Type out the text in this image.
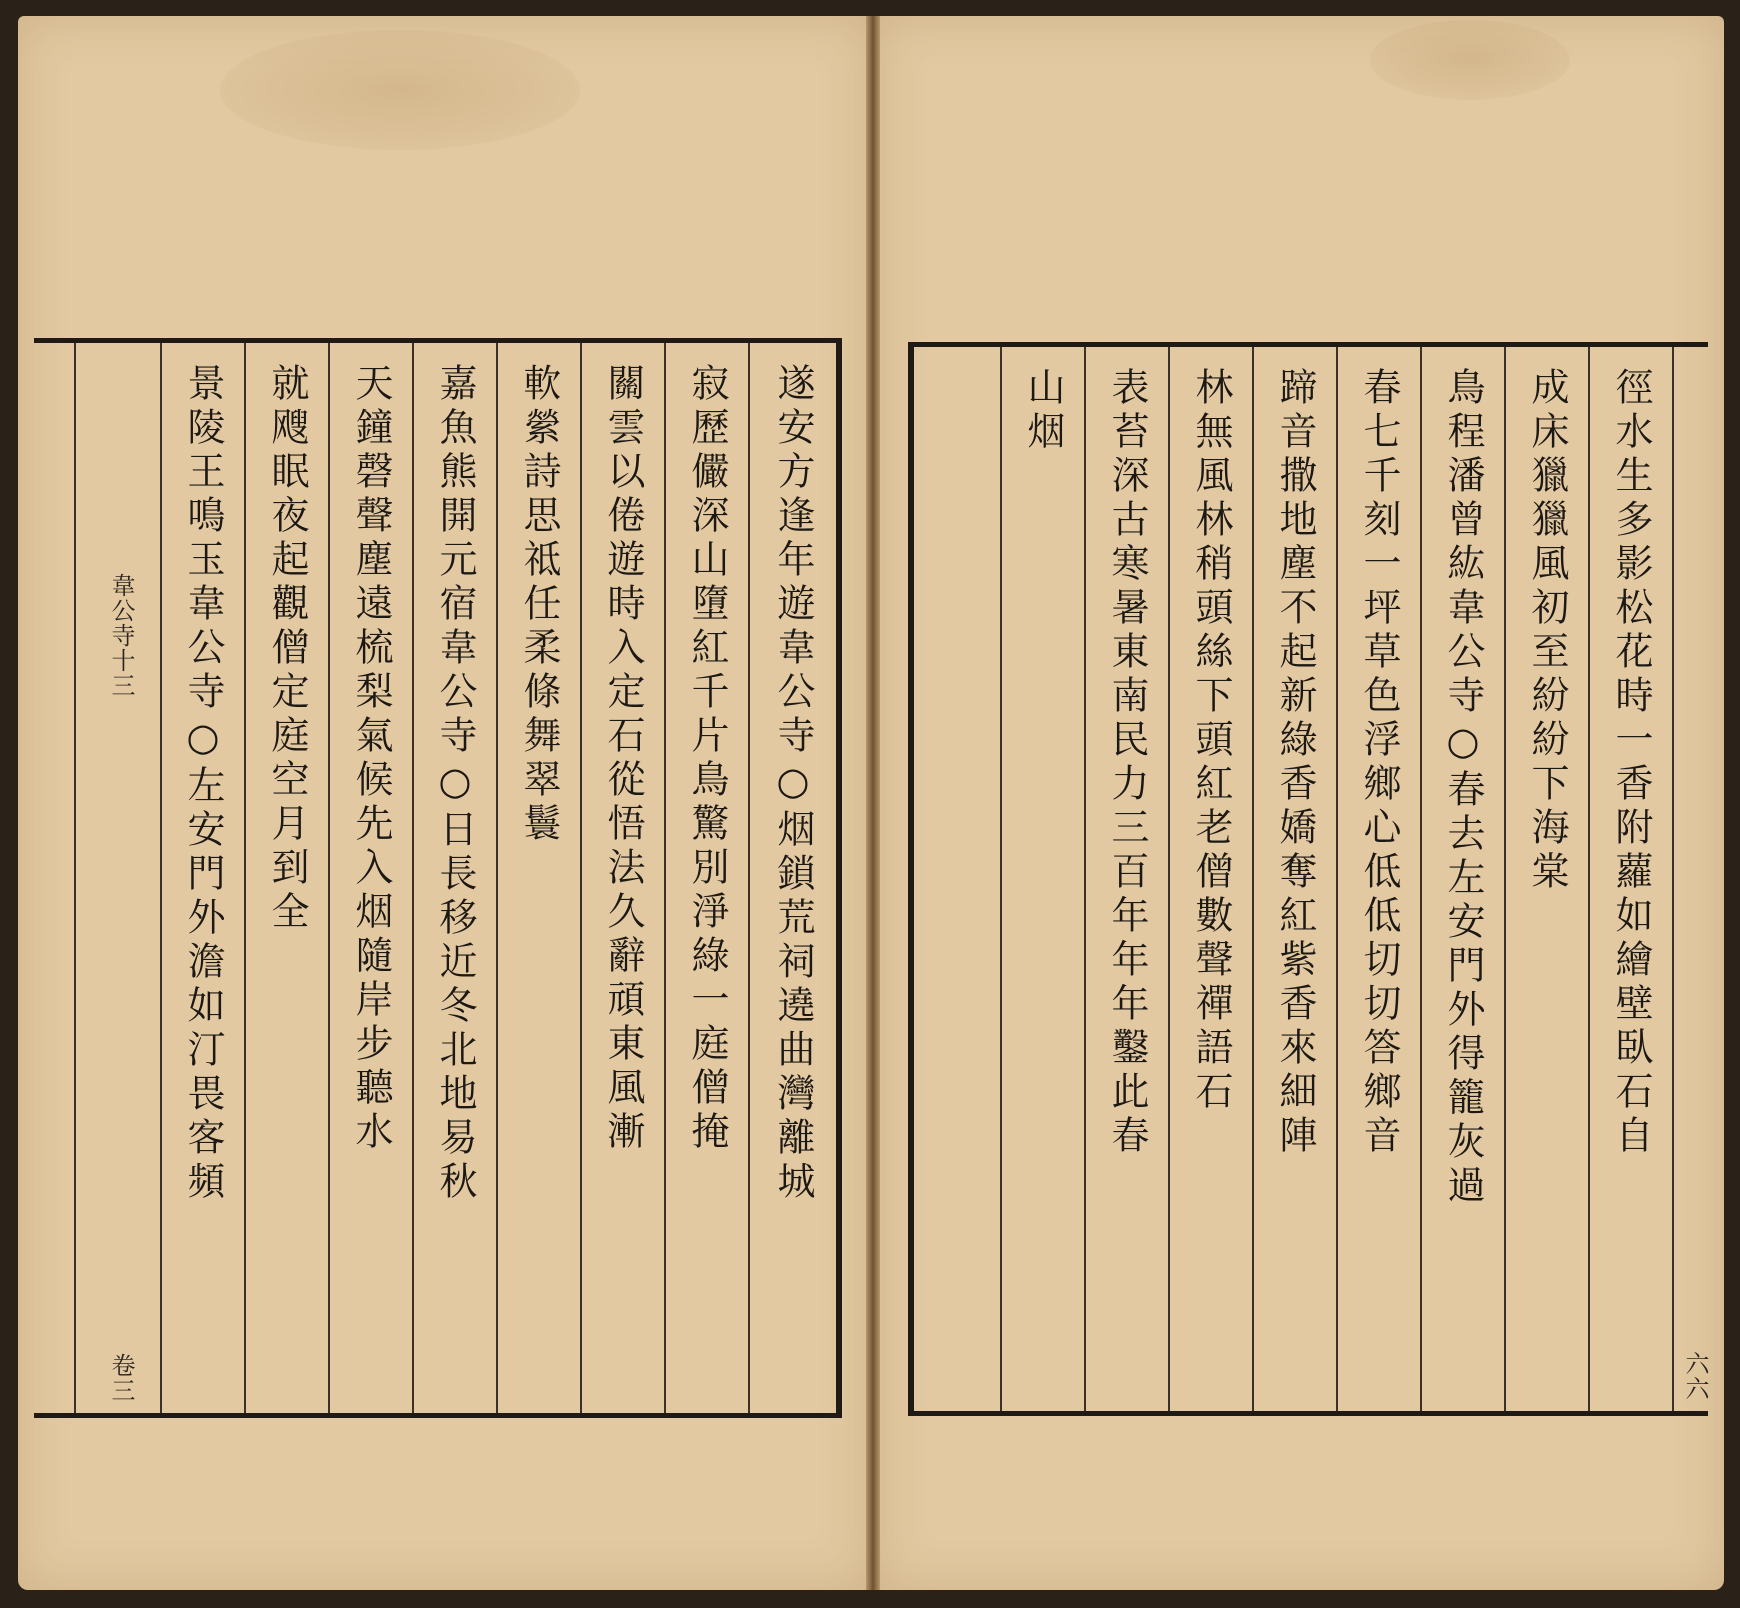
遂安方逢年遊韋公寺○烟鎖荒祠遶曲灣離城
寂歷儼深山墮紅千片鳥驚別淨綠一庭僧掩
關雲以倦遊時入定石從悟法久辭頑東風漸
軟縈詩思祗任柔條舞翠鬟
嘉魚熊開元宿韋公寺○日長移近冬北地易秋
天鐘磬聲塵遠梳梨氣候先入烟隨岸步聽水
就飕眠夜起觀僧定庭空月到全
景陵王鳴玉韋公寺○左安門外澹如汀畏客頻
韋公寺十三
卷三
徑水生多影松花時一香附蘿如繪壁臥石自
成床獵獵風初至紛紛下海棠
鳥程潘曾紘韋公寺○春去左安門外得籠灰過
春七千刻一坪草色浮鄉心低低切切答鄉音
蹄音撒地塵不起新綠香嬌奪紅紫香來細陣
林無風林稍頭絲下頭紅老僧數聲禪語石
表苔深古寒暑東南民力三百年年年鑿此春
山烟
六六
